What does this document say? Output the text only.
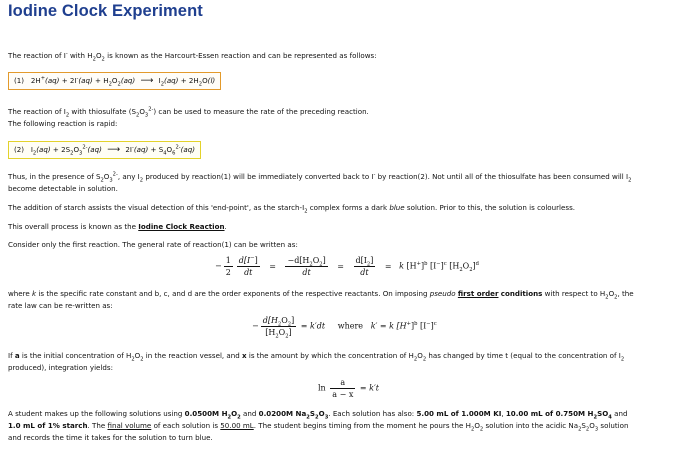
Iodine Clock Experiment
The reaction of I- with $H_2O_2$ is known as the Harcourt-Essen reaction and can be represented as follows:
(1) $2H^+(aq) + 2I^-(aq) + H_2O_2(aq)$ ⟶ $I_2(aq) + 2H_2O(l)$
The reaction of $I_2$ with thiosulfate $(S_2O_3^{2-})$ can be used to measure the rate of the preceding reaction.
The following reaction is rapid:
(2) $I_2(aq) + 2S_2O_3^{2-}(aq)$ ⟶ $2I^-(aq) + S_4O_6^{2-}(aq)$
Thus, in the presence of $S_2O_3^{2-}$, any $I_2$ produced by reaction(1) will be immediately converted back to I- by reaction(2). Not until all of the thiosulfate has been consumed will $I_2$
become detectable in solution.
The addition of starch assists the visual detection of this 'end-point', as the starch-$I_2$ complex forms a dark blue solution. Prior to this, the solution is colourless.
This overall process is known as the Iodine Clock Reaction.
Consider only the first reaction. The general rate of reaction(1) can be written as:
− $\frac{1}{2} \frac{d[I^-]}{dt} = \frac{-d[H_2O_2]}{dt} = \frac{d[I_2]}{dt} = k$ $[H^+]^b$ $[I^-]^c$ $[H_2O_2]^d$
where k is the specific rate constant and b, c, and d are the order exponents of the respective reactants. On imposing pseudo first order conditions with respect to $H_2O_2$, the
rate law can be re-written as:
− $\frac{d[H_2O_2]}{[H_2O_2]} = k'dt$ where k′ = k $[H^+]^b$ $[I^-]^c$
If a is the initial concentration of $H_2O_2$ in the reaction vessel, and x is the amount by which the concentration of $H_2O_2$ has changed by time t (equal to the concentration of $I_2$
produced), integration yields:
$\ln \frac{a}{a - x} = k't$
A student makes up the following solutions using 0.0500M $H_2O_2$ and 0.0200M $Na_2S_2O_3$. Each solution has also: 5.00 mL of 1.000M KI, 10.00 mL of 0.750M $H_2SO_4$ and
1.0 mL of 1% starch. The final volume of each solution is 50.00 mL. The student begins timing from the moment he pours the $H_2O_2$ solution into the acidic $Na_2S_2O_3$ solution
and records the time it takes for the solution to turn blue.
